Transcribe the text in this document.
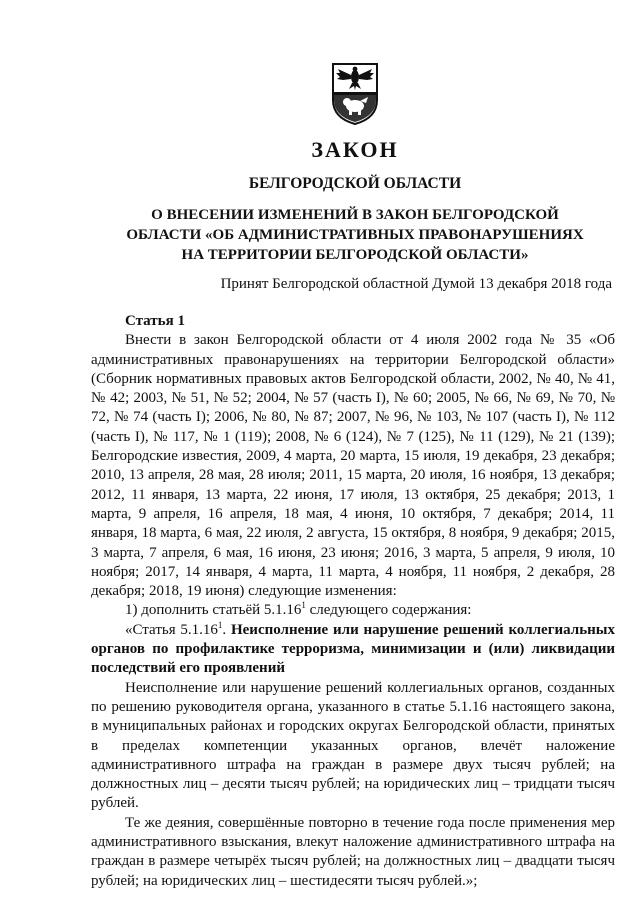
ЗАКОН
БЕЛГОРОДСКОЙ ОБЛАСТИ
О ВНЕСЕНИИ ИЗМЕНЕНИЙ В ЗАКОН БЕЛГОРОДСКОЙ
ОБЛАСТИ «ОБ АДМИНИСТРАТИВНЫХ ПРАВОНАРУШЕНИЯХ
НА ТЕРРИТОРИИ БЕЛГОРОДСКОЙ ОБЛАСТИ»
Принят Белгородской областной Думой 13 декабря 2018 года

Статья 1

Внести в закон Белгородской области от 4 июля 2002 года № 35 «Об административных правонарушениях на территории Белгородской области» (Сборник нормативных правовых актов Белгородской области, 2002, № 40, № 41, № 42; 2003, № 51, № 52; 2004, № 57 (часть I), № 60; 2005, № 66, № 69, № 70, № 72, № 74 (часть I); 2006, № 80, № 87; 2007, № 96, № 103, № 107 (часть I), № 112 (часть I), № 117, № 1 (119); 2008, № 6 (124), № 7 (125), № 11 (129), № 21 (139); Белгородские известия, 2009, 4 марта, 20 марта, 15 июля, 19 декабря, 23 декабря; 2010, 13 апреля, 28 мая, 28 июля; 2011, 15 марта, 20 июля, 16 ноября, 13 декабря; 2012, 11 января, 13 марта, 22 июня, 17 июля, 13 октября, 25 декабря; 2013, 1 марта, 9 апреля, 16 апреля, 18 мая, 4 июня, 10 октября, 7 декабря; 2014, 11 января, 18 марта, 6 мая, 22 июля, 2 августа, 15 октября, 8 ноября, 9 декабря; 2015, 3 марта, 7 апреля, 6 мая, 16 июня, 23 июня; 2016, 3 марта, 5 апреля, 9 июля, 10 ноября; 2017, 14 января, 4 марта, 11 марта, 4 ноября, 11 ноября, 2 декабря, 28 декабря; 2018, 19 июня) следующие изменения:

1) дополнить статьёй 5.1.16$^1$ следующего содержания:

«Статья 5.1.16$^1$. Неисполнение или нарушение решений коллегиальных органов по профилактике терроризма, минимизации и (или) ликвидации последствий его проявлений

Неисполнение или нарушение решений коллегиальных органов, созданных по решению руководителя органа, указанного в статье 5.1.16 настоящего закона, в муниципальных районах и городских округах Белгородской области, принятых в пределах компетенции указанных органов, влечёт наложение административного штрафа на граждан в размере двух тысяч рублей; на должностных лиц – десяти тысяч рублей; на юридических лиц – тридцати тысяч рублей.

Те же деяния, совершённые повторно в течение года после применения мер административного взыскания, влекут наложение административного штрафа на граждан в размере четырёх тысяч рублей; на должностных лиц – двадцати тысяч рублей; на юридических лиц – шестидесяти тысяч рублей.»;
